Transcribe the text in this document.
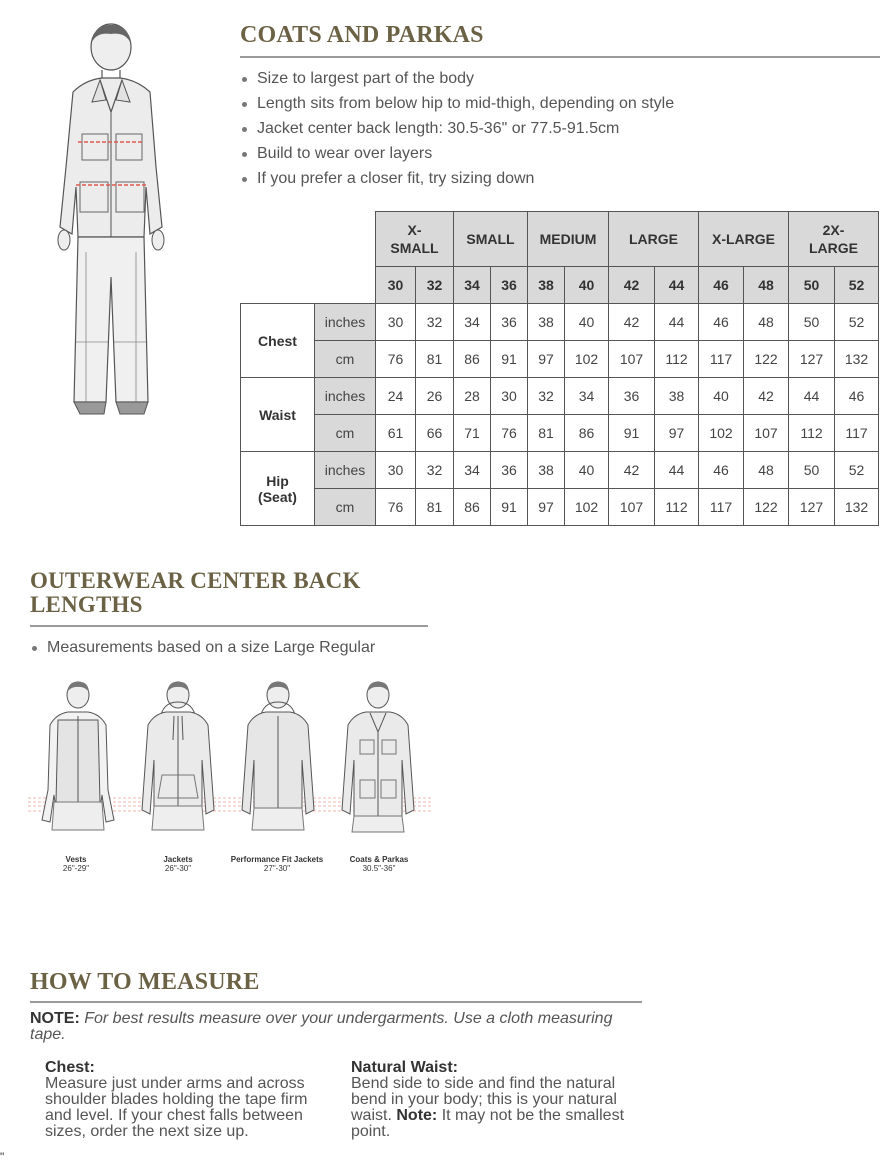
COATS AND PARKAS
Size to largest part of the body
Length sits from below hip to mid-thigh, depending on style
Jacket center back length: 30.5-36" or 77.5-91.5cm
Build to wear over layers
If you prefer a closer fit, try sizing down
		X-SMALL		SMALL		MEDIUM		LARGE		X-LARGE		2X-LARGE	
		30	32	34	36	38	40	42	44	46	48	50	52
Chest	inches	30	32	34	36	38	40	42	44	46	48	50	52
	cm	76	81	86	91	97	102	107	112	117	122	127	132
Waist	inches	24	26	28	30	32	34	36	38	40	42	44	46
	cm	61	66	71	76	81	86	91	97	102	107	112	117
Hip
(Seat)	inches	30	32	34	36	38	40	42	44	46	48	50	52
	cm	76	81	86	91	97	102	107	112	117	122	127	132
OUTERWEAR CENTER BACK
LENGTHS
Measurements based on a size Large Regular
Vests
26"-29"
Jackets
26"-30"
Performance Fit Jackets
27"-30"
Coats & Parkas
30.5"-36"
HOW TO MEASURE
NOTE: For best results measure over your undergarments. Use a cloth measuring tape.
Chest:
Measure just under arms and across shoulder blades holding the tape firm and level. If your chest falls between sizes, order the next size up.
Natural Waist:
Bend side to side and find the natural bend in your body; this is your natural waist. Note: It may not be the smallest point.
"
